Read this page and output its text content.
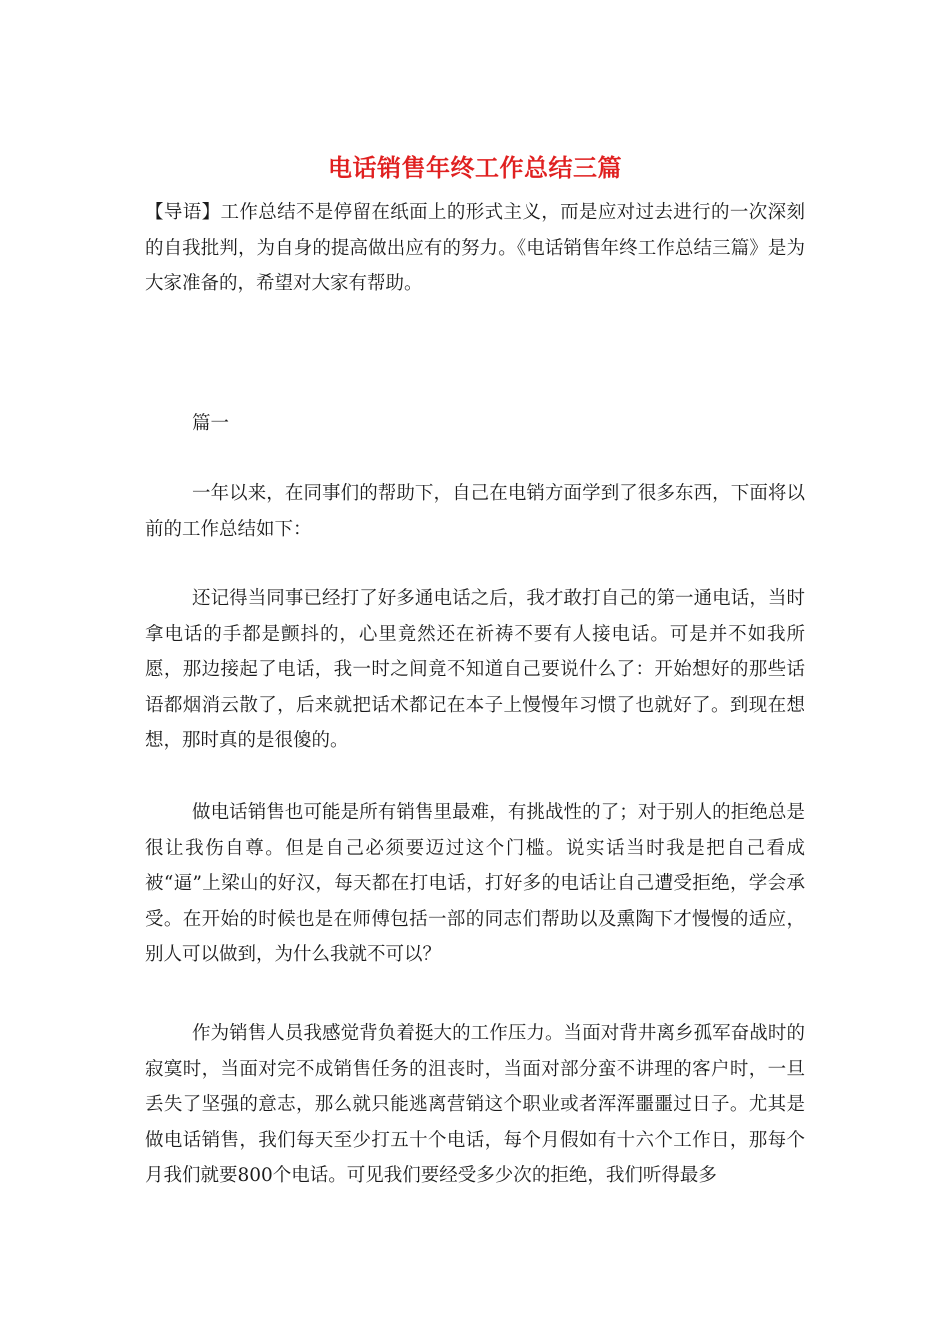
电话销售年终工作总结三篇

【导语】工作总结不是停留在纸面上的形式主义，而是应对过去进行的一次深刻的自我批判，为自身的提高做出应有的努力。《电话销售年终工作总结三篇》是为大家准备的，希望对大家有帮助。

篇一

一年以来，在同事们的帮助下，自己在电销方面学到了很多东西，下面将以前的工作总结如下：

还记得当同事已经打了好多通电话之后，我才敢打自己的第一通电话，当时拿电话的手都是颤抖的，心里竟然还在祈祷不要有人接电话。可是并不如我所愿，那边接起了电话，我一时之间竟不知道自己要说什么了：开始想好的那些话语都烟消云散了，后来就把话术都记在本子上慢慢年习惯了也就好了。到现在想想，那时真的是很傻的。

做电话销售也可能是所有销售里最难，有挑战性的了；对于别人的拒绝总是很让我伤自尊。但是自己必须要迈过这个门槛。说实话当时我是把自己看成被“逼”上梁山的好汉，每天都在打电话，打好多的电话让自己遭受拒绝，学会承受。在开始的时候也是在师傅包括一部的同志们帮助以及熏陶下才慢慢的适应，别人可以做到，为什么我就不可以？

作为销售人员我感觉背负着挺大的工作压力。当面对背井离乡孤军奋战时的寂寞时，当面对完不成销售任务的沮丧时，当面对部分蛮不讲理的客户时，一旦丢失了坚强的意志，那么就只能逃离营销这个职业或者浑浑噩噩过日子。尤其是做电话销售，我们每天至少打五十个电话，每个月假如有十六个工作日，那每个月我们就要800个电话。可见我们要经受多少次的拒绝，我们听得最多
